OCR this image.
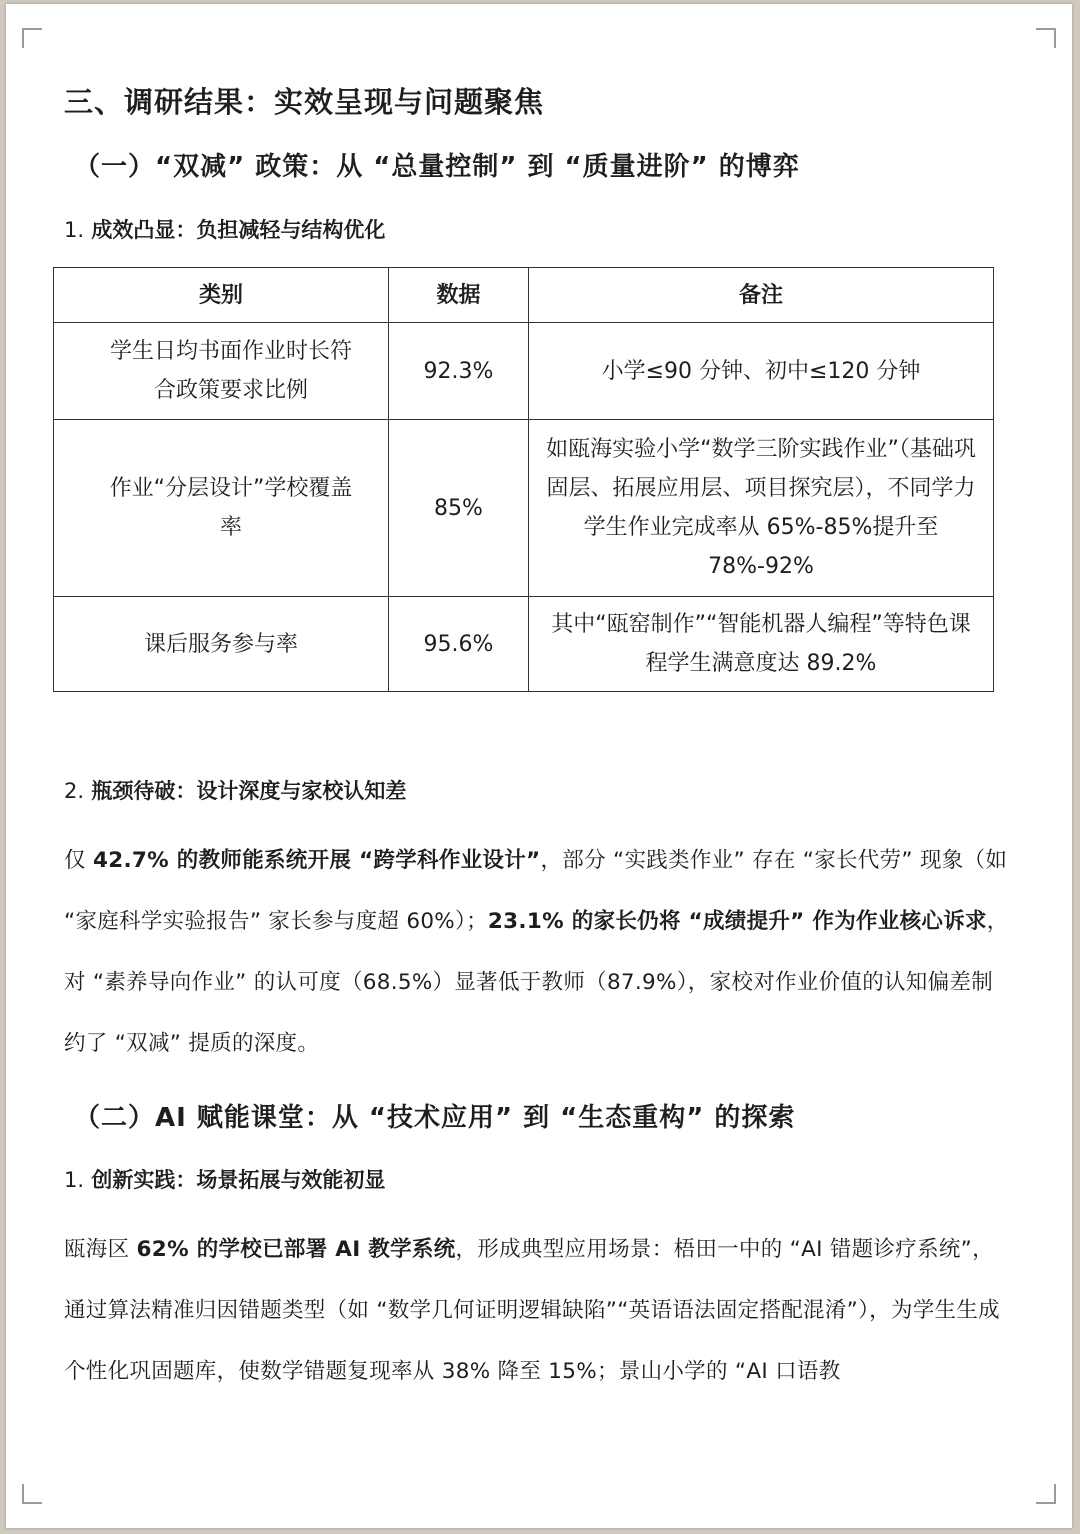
三、调研结果：实效呈现与问题聚焦
（一）“双减” 政策：从 “总量控制” 到 “质量进阶” 的博弈
1. 成效凸显：负担减轻与结构优化
类别	数据	备注
学生日均书面作业时长符合政策要求比例	92.3%	小学≤90 分钟、初中≤120 分钟
作业“分层设计”学校覆盖率	85%	如瓯海实验小学“数学三阶实践作业”（基础巩固层、拓展应用层、项目探究层），不同学力学生作业完成率从 65%-85%提升至 78%-92%
课后服务参与率	95.6%	其中“瓯窑制作”“智能机器人编程”等特色课程学生满意度达 89.2%
2. 瓶颈待破：设计深度与家校认知差
仅 42.7% 的教师能系统开展 “跨学科作业设计”，部分 “实践类作业” 存在 “家长代劳” 现象（如 “家庭科学实验报告” 家长参与度超 60%）；23.1% 的家长仍将 “成绩提升” 作为作业核心诉求，对 “素养导向作业” 的认可度（68.5%）显著低于教师（87.9%），家校对作业价值的认知偏差制约了 “双减” 提质的深度。
（二）AI 赋能课堂：从 “技术应用” 到 “生态重构” 的探索
1. 创新实践：场景拓展与效能初显
瓯海区 62% 的学校已部署 AI 教学系统，形成典型应用场景：梧田一中的 “AI 错题诊疗系统”，通过算法精准归因错题类型（如 “数学几何证明逻辑缺陷”“英语语法固定搭配混淆”），为学生生成个性化巩固题库，使数学错题复现率从 38% 降至 15%；景山小学的 “AI 口语教
